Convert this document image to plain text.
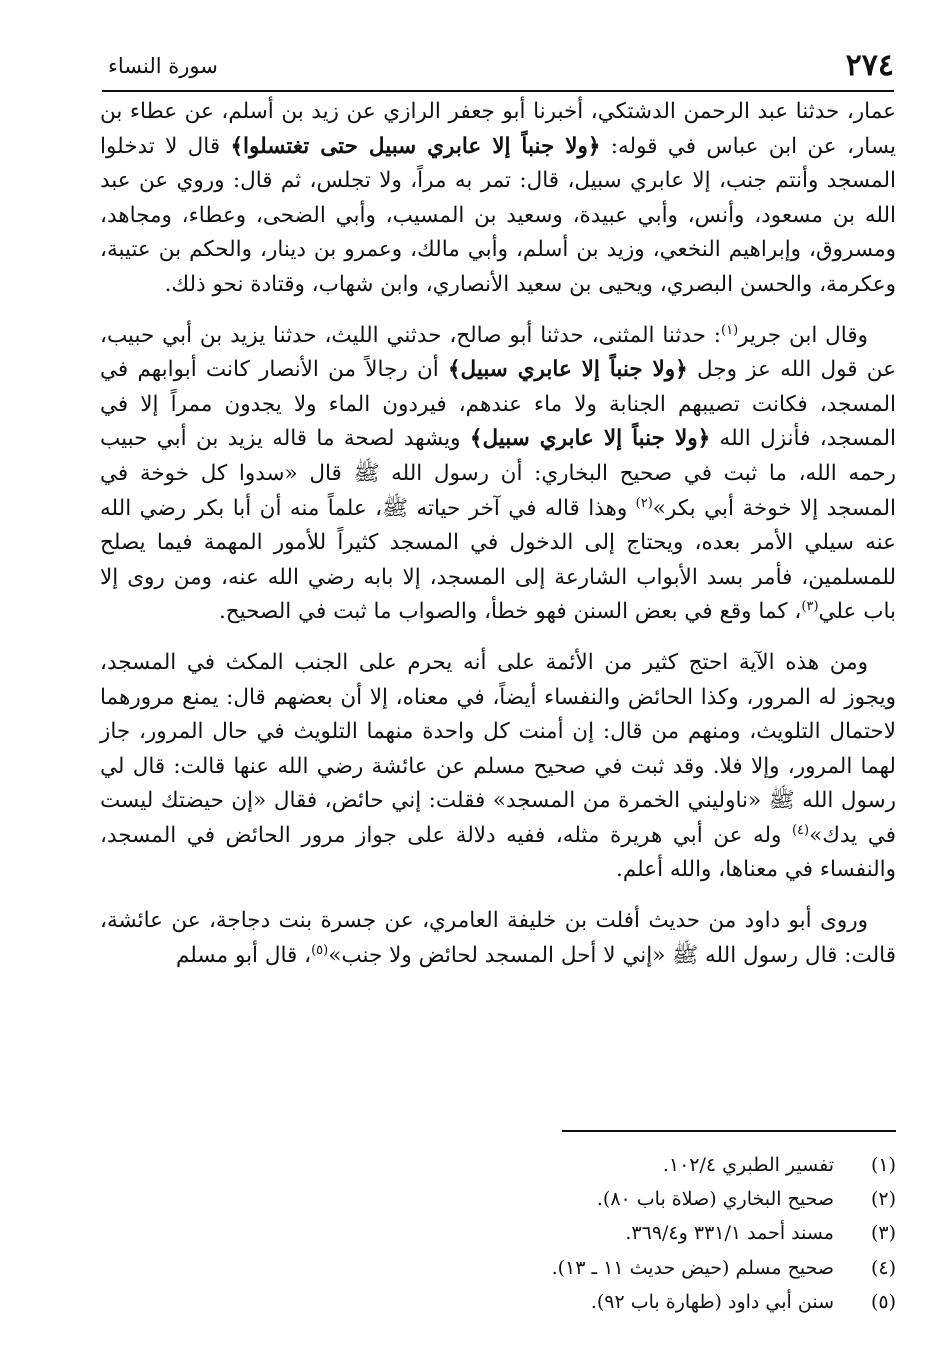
٢٧٤
سورة النساء

عمار، حدثنا عبد الرحمن الدشتكي، أخبرنا أبو جعفر الرازي عن زيد بن أسلم، عن عطاء بن يسار، عن ابن عباس في قوله: ﴿ولا جنباً إلا عابري سبيل حتى تغتسلوا﴾ قال لا تدخلوا المسجد وأنتم جنب، إلا عابري سبيل، قال: تمر به مراً، ولا تجلس، ثم قال: وروي عن عبد الله بن مسعود، وأنس، وأبي عبيدة، وسعيد بن المسيب، وأبي الضحى، وعطاء، ومجاهد، ومسروق، وإبراهيم النخعي، وزيد بن أسلم، وأبي مالك، وعمرو بن دينار، والحكم بن عتيبة، وعكرمة، والحسن البصري، ويحيى بن سعيد الأنصاري، وابن شهاب، وقتادة نحو ذلك.

وقال ابن جرير$^{(١)}$: حدثنا المثنى، حدثنا أبو صالح، حدثني الليث، حدثنا يزيد بن أبي حبيب، عن قول الله عز وجل ﴿ولا جنباً إلا عابري سبيل﴾ أن رجالاً من الأنصار كانت أبوابهم في المسجد، فكانت تصيبهم الجنابة ولا ماء عندهم، فيردون الماء ولا يجدون ممراً إلا في المسجد، فأنزل الله ﴿ولا جنباً إلا عابري سبيل﴾ ويشهد لصحة ما قاله يزيد بن أبي حبيب رحمه الله، ما ثبت في صحيح البخاري: أن رسول الله ﷺ قال «سدوا كل خوخة في المسجد إلا خوخة أبي بكر»$^{(٢)}$ وهذا قاله في آخر حياته ﷺ، علماً منه أن أبا بكر رضي الله عنه سيلي الأمر بعده، ويحتاج إلى الدخول في المسجد كثيراً للأمور المهمة فيما يصلح للمسلمين، فأمر بسد الأبواب الشارعة إلى المسجد، إلا بابه رضي الله عنه، ومن روى إلا باب علي$^{(٣)}$، كما وقع في بعض السنن فهو خطأ، والصواب ما ثبت في الصحيح.

ومن هذه الآية احتج كثير من الأئمة على أنه يحرم على الجنب المكث في المسجد، ويجوز له المرور، وكذا الحائض والنفساء أيضاً، في معناه، إلا أن بعضهم قال: يمنع مرورهما لاحتمال التلويث، ومنهم من قال: إن أمنت كل واحدة منهما التلويث في حال المرور، جاز لهما المرور، وإلا فلا. وقد ثبت في صحيح مسلم عن عائشة رضي الله عنها قالت: قال لي رسول الله ﷺ «ناوليني الخمرة من المسجد» فقلت: إني حائض، فقال «إن حيضتك ليست في يدك»$^{(٤)}$ وله عن أبي هريرة مثله، ففيه دلالة على جواز مرور الحائض في المسجد، والنفساء في معناها، والله أعلم.

وروى أبو داود من حديث أفلت بن خليفة العامري، عن جسرة بنت دجاجة، عن عائشة، قالت: قال رسول الله ﷺ «إني لا أحل المسجد لحائض ولا جنب»$^{(٥)}$، قال أبو مسلم

(١)
تفسير الطبري ١٠٢/٤.
(٢)
صحيح البخاري (صلاة باب ٨٠).
(٣)
مسند أحمد ٣٣١/١ و٣٦٩/٤.
(٤)
صحيح مسلم (حيض حديث ١١ ـ ١٣).
(٥)
سنن أبي داود (طهارة باب ٩٢).
